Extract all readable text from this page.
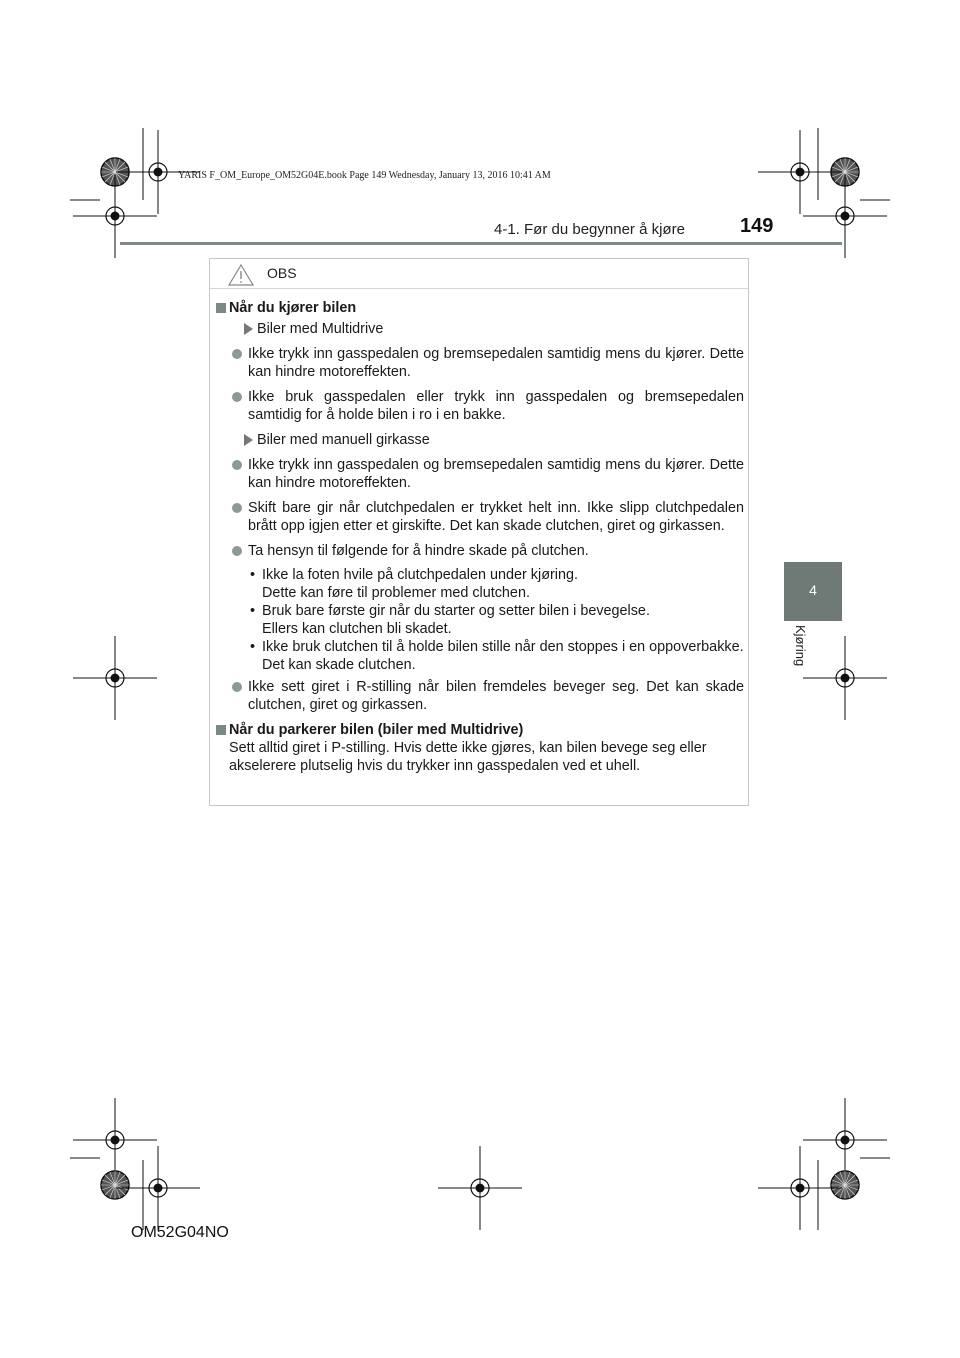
YARIS F_OM_Europe_OM52G04E.book Page 149 Wednesday, January 13, 2016 10:41 AM
4-1. Før du begynner å kjøre	149
4
Kjøring
OBS
Når du kjører bilen
Biler med Multidrive
Ikke trykk inn gasspedalen og bremsepedalen samtidig mens du kjører. Dette kan hindre motoreffekten.
Ikke bruk gasspedalen eller trykk inn gasspedalen og bremsepedalen samtidig for å holde bilen i ro i en bakke.
Biler med manuell girkasse
Ikke trykk inn gasspedalen og bremsepedalen samtidig mens du kjører. Dette kan hindre motoreffekten.
Skift bare gir når clutchpedalen er trykket helt inn. Ikke slipp clutchpedalen brått opp igjen etter et girskifte. Det kan skade clutchen, giret og girkassen.
Ta hensyn til følgende for å hindre skade på clutchen.
• Ikke la foten hvile på clutchpedalen under kjøring.
Dette kan føre til problemer med clutchen.
• Bruk bare første gir når du starter og setter bilen i bevegelse.
Ellers kan clutchen bli skadet.
• Ikke bruk clutchen til å holde bilen stille når den stoppes i en oppoverbakke.
Det kan skade clutchen.
Ikke sett giret i R-stilling når bilen fremdeles beveger seg. Det kan skade clutchen, giret og girkassen.
Når du parkerer bilen (biler med Multidrive)
Sett alltid giret i P-stilling. Hvis dette ikke gjøres, kan bilen bevege seg eller akselerere plutselig hvis du trykker inn gasspedalen ved et uhell.
OM52G04NO
